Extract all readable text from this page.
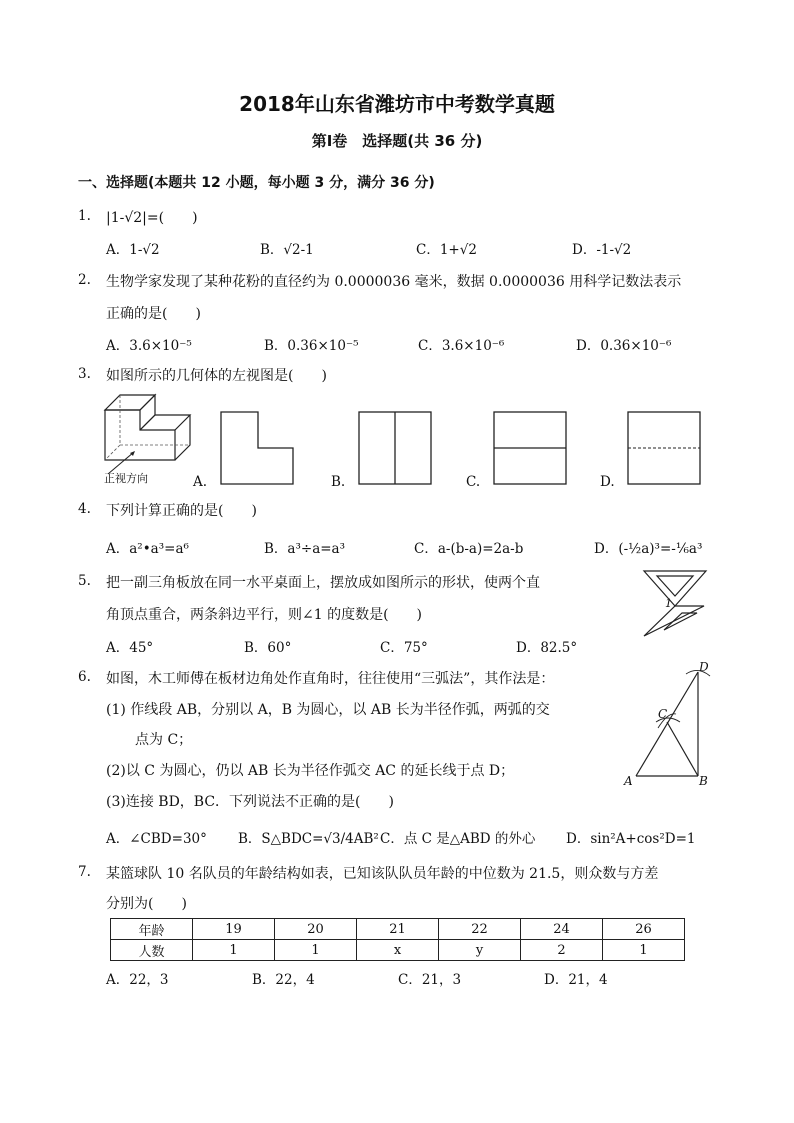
2018年山东省潍坊市中考数学真题
第Ⅰ卷　选择题(共 36 分)
一、选择题(本题共 12 小题，每小题 3 分，满分 36 分)
1. |1-√2|=(　　)
A．1-√2	B．√2-1	C．1+√2	D．-1-√2
2. 生物学家发现了某种花粉的直径约为 0.0000036 毫米，数据 0.0000036 用科学记数法表示
正确的是(　　)
A．3.6×10⁻⁵	B．0.36×10⁻⁵	C．3.6×10⁻⁶	D．0.36×10⁻⁶
3. 如图所示的几何体的左视图是(　　)
正视方向	A.	B.	C.	D.
4. 下列计算正确的是(　　)
A．a²•a³=a⁶	B．a³÷a=a³	C．a-(b-a)=2a-b	D．(-½a)³=-⅙a³
5. 把一副三角板放在同一水平桌面上，摆放成如图所示的形状，使两个直
角顶点重合，两条斜边平行，则∠1 的度数是(　　)
A．45°	B．60°	C．75°	D．82.5°
1
6. 如图，木工师傅在板材边角处作直角时，往往使用“三弧法”，其作法是：
(1) 作线段 AB，分别以 A，B 为圆心，以 AB 长为半径作弧，两弧的交
点为 C；
(2)以 C 为圆心，仍以 AB 长为半径作弧交 AC 的延长线于点 D；
(3)连接 BD，BC．下列说法不正确的是(　　)
A．∠CBD=30° B．S△BDC=√3/4AB² C．点 C 是△ABD 的外心 D．sin²A+cos²D=1
A	B
C
D
7. 某篮球队 10 名队员的年龄结构如表，已知该队队员年龄的中位数为 21.5，则众数与方差
分别为(　　)
年龄	19	20	21	22	24	26
人数	1	1	x	y	2	1
A．22，3	B．22，4	C．21，3	D．21，4
